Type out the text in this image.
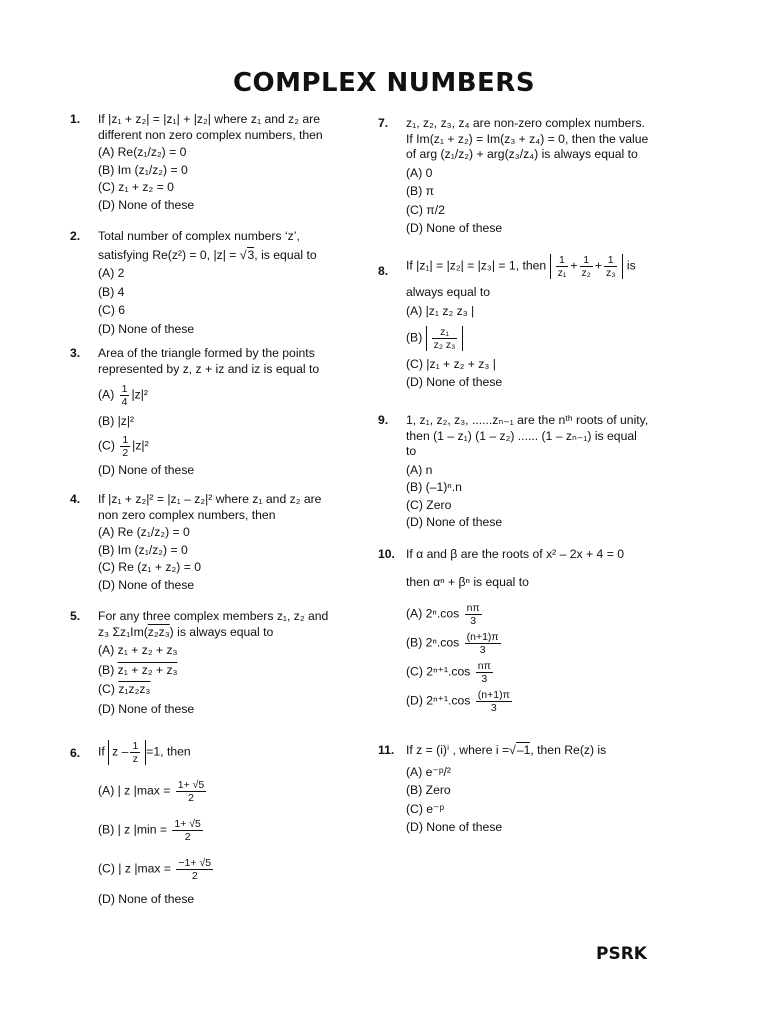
COMPLEX NUMBERS
1. If |z₁ + z₂| = |z₁| + |z₂| where z₁ and z₂ are
different non zero complex numbers, then
(A) Re(z₁/z₂) = 0
(B) Im (z₁/z₂) = 0
(C) z₁ + z₂ = 0
(D) None of these
2. Total number of complex numbers ‘z’,
satisfying Re(z²) = 0, |z| = √3, is equal to
(A) 2
(B) 4
(C) 6
(D) None of these
3. Area of the triangle formed by the points
represented by z, z + iz and iz is equal to
$(A) \frac{1}{4} |z|^2$
(B) |z|²
$(C) \frac{1}{2} |z|^2$
(D) None of these
4. If |z₁ + z₂|² = |z₁ – z₂|² where z₁ and z₂ are
non zero complex numbers, then
(A) Re (z₁/z₂) = 0
(B) Im (z₁/z₂) = 0
(C) Re (z₁ + z₂) = 0
(D) None of these
5. For any three complex members z₁, z₂ and
z₃ Σz₁Im(z₂z₃) is always equal to
(A) z₁ + z₂ + z₃
(B) z₁ + z₂ + z₃
(C) z₁z₂z₃
(D) None of these
6. If $z - \frac{1}{z} =1$, then
(A) | z $|\max = \frac{1+ √5}{2}$
(B) | z $|\min = \frac{1+ √5}{2}$
(C) | z $|\max = \frac{-1+ √5}{2}$
(D) None of these
7. z₁, z₂, z₃, z₄ are non-zero complex numbers.
If Im(z₁ + z₂) = Im(z₃ + z₄) = 0, then the value
of arg (z₁/z₂) + arg(z₃/z₄) is always equal to
(A) 0
(B) π
(C) π/2
(D) None of these
8. If |z₁| = |z₂| = |z₃| = 1, then $\frac{1}{\text{z₁}} + \frac{1}{\text{z₂}} + \frac{1}{\text{z₃}}$ is
always equal to
(A) |z₁ z₂ z₃ |
$(B) \frac{\text{z₁}}{\text{z₂ z₃}}$
(C) |z₁ + z₂ + z₃ |
(D) None of these
9. 1, z₁, z₂, z₃, ......zₙ₋₁ are the nᵗʰ roots of unity,
then (1 – z₁) (1 – z₂) ...... (1 – zₙ₋₁) is equal
to
(A) n
(B) (–1)ⁿ.n
(C) Zero
(D) None of these
10. If α and β are the roots of x² – 2x + 4 = 0
then αⁿ + βⁿ is equal to
(A) $2^n.\cos \frac{n\pi}{3}$
(B) $2^n.\cos \frac{(n+1)\pi}{3}$
(C) $2^{n+1}.\cos \frac{n\pi}{3}$
(D) $2^{n+1}.\cos \frac{(n+1)\pi}{3}$
11. If z = (i)ⁱ , where i =√–1, then Re(z) is
(A) e⁻ᵖ/²
(B) Zero
(C) e⁻ᵖ
(D) None of these
PSRK
